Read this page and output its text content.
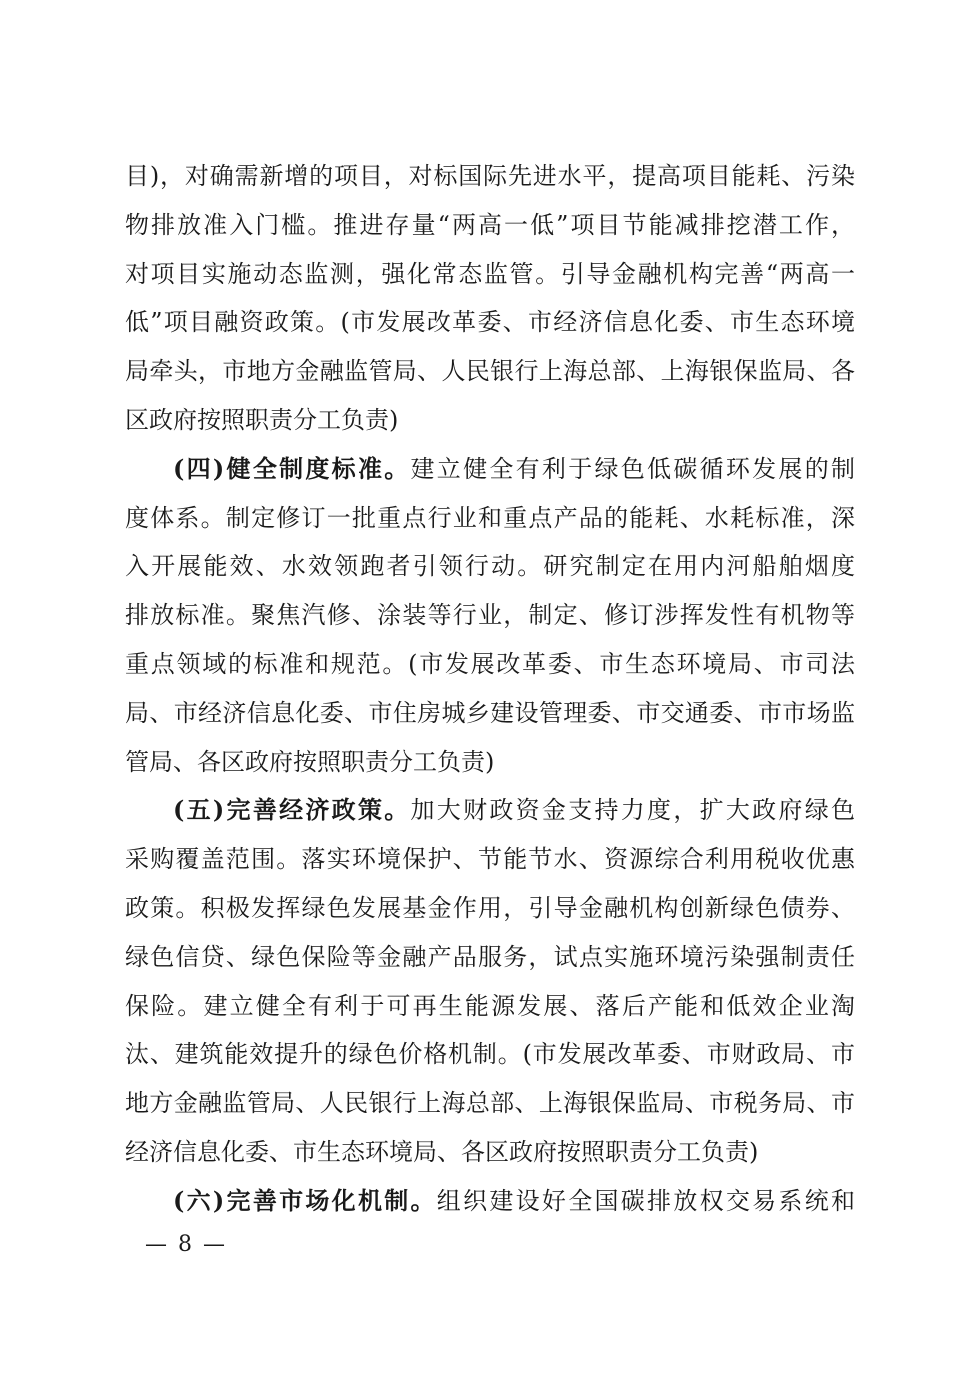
目)，对确需新增的项目，对标国际先进水平，提高项目能耗、污染
物排放准入门槛。推进存量“两高一低”项目节能减排挖潜工作，
对项目实施动态监测，强化常态监管。引导金融机构完善“两高一
低”项目融资政策。(市发展改革委、市经济信息化委、市生态环境
局牵头，市地方金融监管局、人民银行上海总部、上海银保监局、各
区政府按照职责分工负责)
(四)健全制度标准。建立健全有利于绿色低碳循环发展的制
度体系。制定修订一批重点行业和重点产品的能耗、水耗标准，深
入开展能效、水效领跑者引领行动。研究制定在用内河船舶烟度
排放标准。聚焦汽修、涂装等行业，制定、修订涉挥发性有机物等
重点领域的标准和规范。(市发展改革委、市生态环境局、市司法
局、市经济信息化委、市住房城乡建设管理委、市交通委、市市场监
管局、各区政府按照职责分工负责)
(五)完善经济政策。加大财政资金支持力度，扩大政府绿色
采购覆盖范围。落实环境保护、节能节水、资源综合利用税收优惠
政策。积极发挥绿色发展基金作用，引导金融机构创新绿色债券、
绿色信贷、绿色保险等金融产品服务，试点实施环境污染强制责任
保险。建立健全有利于可再生能源发展、落后产能和低效企业淘
汰、建筑能效提升的绿色价格机制。(市发展改革委、市财政局、市
地方金融监管局、人民银行上海总部、上海银保监局、市税务局、市
经济信息化委、市生态环境局、各区政府按照职责分工负责)
(六)完善市场化机制。组织建设好全国碳排放权交易系统和
— 8 —
